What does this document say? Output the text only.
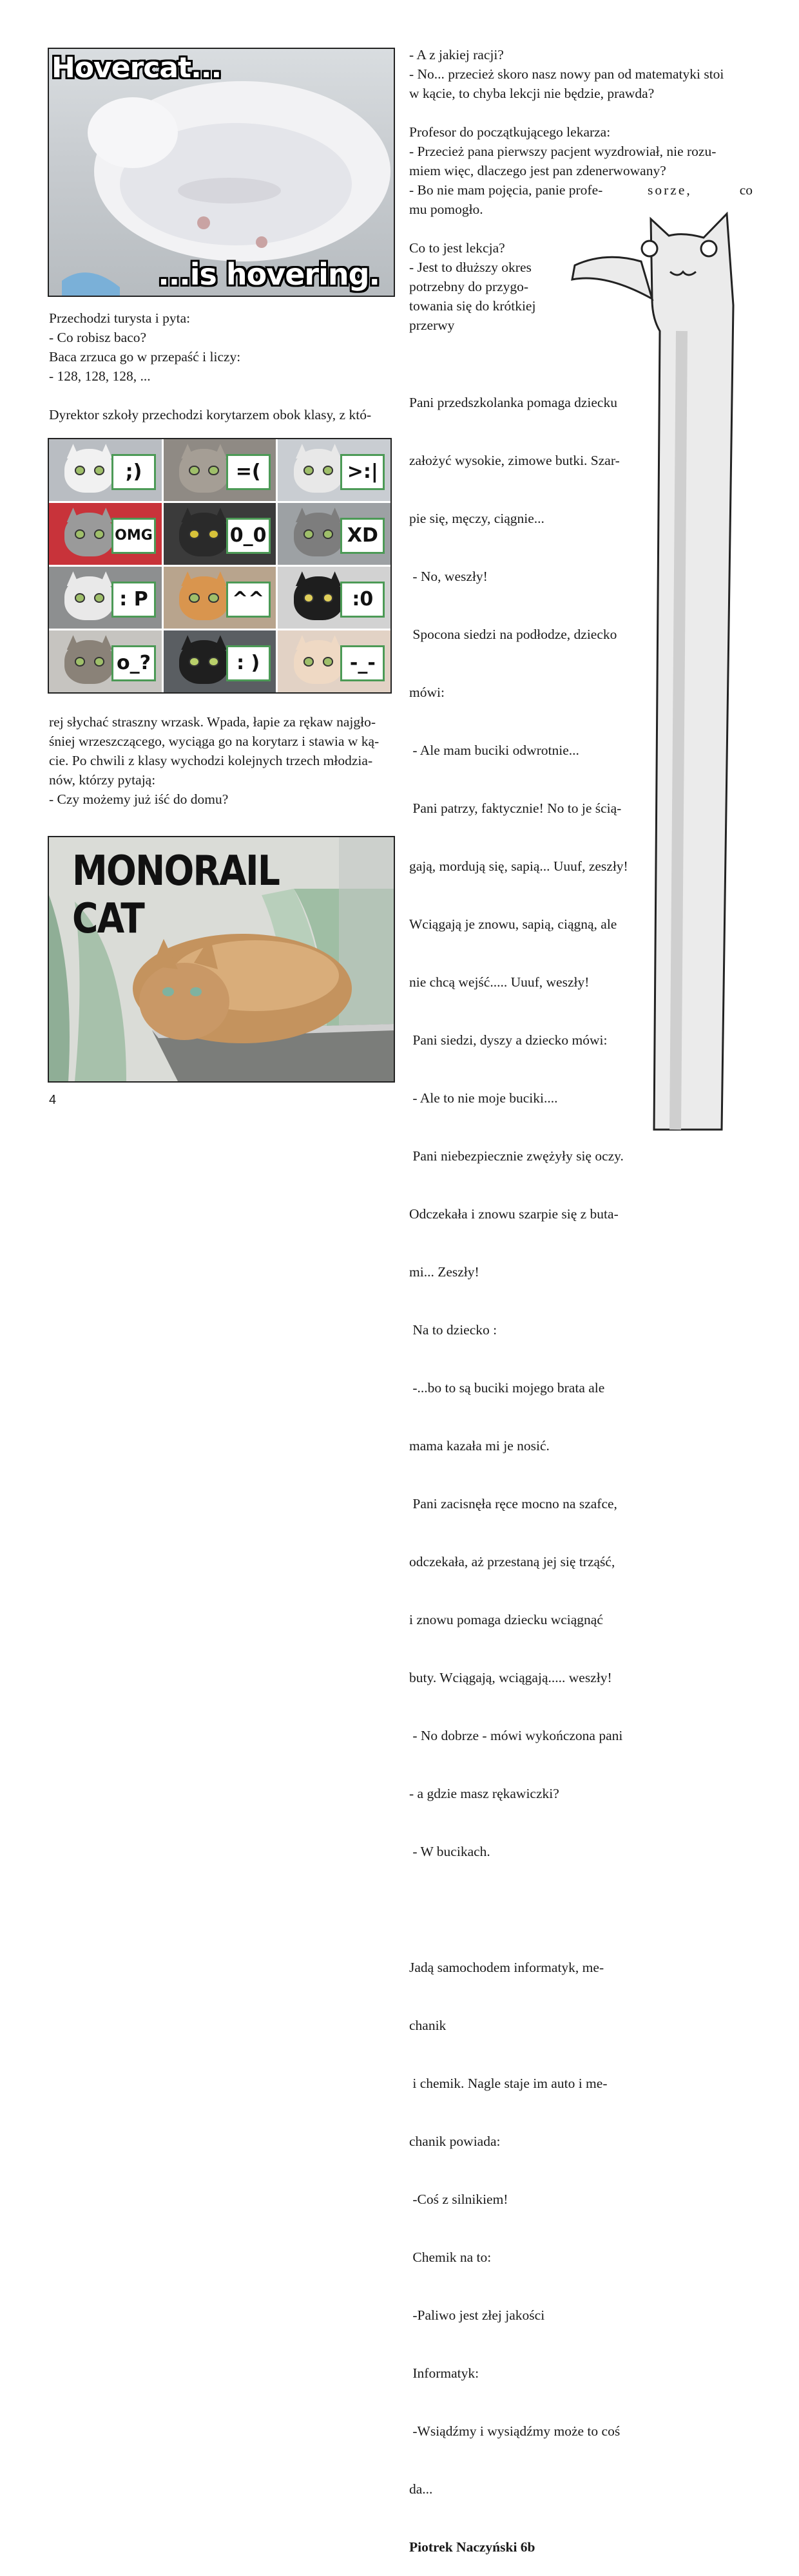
Hovercat...
...is hovering.

Przechodzi turysta i pyta:

- Co robisz baco?

Baca zrzuca go w przepaść i liczy:

- 128, 128, 128, ...

Dyrektor szkoły przechodzi korytarzem obok klasy, z któ-

;)	=(	>:|
OMG	0_0	XD
: P	^^	:0
o_?	: )	-_-

rej słychać straszny wrzask. Wpada, łapie za rękaw najgło-

śniej wrzeszczącego, wyciąga go na korytarz i stawia w ką-

cie. Po chwili z klasy wychodzi kolejnych trzech młodzia-

nów, którzy pytają:

- Czy możemy już iść do domu?

MONORAIL CAT

- A z jakiej racji?

- No... przecież skoro nasz nowy pan od matematyki stoi

w kącie, to chyba lekcji nie będzie, prawda?

Profesor do początkującego lekarza:

- Przecież pana pierwszy pacjent wyzdrowiał, nie rozu-

miem więc, dlaczego jest pan zdenerwowany?

- Bo nie mam pojęcia, panie profe-	sorze,	co

mu pomogło.

Co to jest lekcja?

- Jest to dłuższy okres

potrzebny do przygo-

towania się do krótkiej

przerwy

Pani przedszkolanka pomaga dziecku

założyć wysokie, zimowe butki. Szar-

pie się, męczy, ciągnie...

- No, weszły!

Spocona siedzi na podłodze, dziecko

mówi:

- Ale mam buciki odwrotnie...

Pani patrzy, faktycznie! No to je ścią-

gają, mordują się, sapią... Uuuf, zeszły!

Wciągają je znowu, sapią, ciągną, ale

nie chcą wejść..... Uuuf, weszły!

Pani siedzi, dyszy a dziecko mówi:

- Ale to nie moje buciki....

Pani niebezpiecznie zwężyły się oczy.

Odczekała i znowu szarpie się z buta-

mi... Zeszły!

Na to dziecko :

-...bo to są buciki mojego brata ale

mama kazała mi je nosić.

Pani zacisnęła ręce mocno na szafce,

odczekała, aż przestaną jej się trząść,

i znowu pomaga dziecku wciągnąć

buty. Wciągają, wciągają..... weszły!

- No dobrze - mówi wykończona pani

- a gdzie masz rękawiczki?

- W bucikach.

Jadą samochodem informatyk, me-

chanik

i chemik. Nagle staje im auto i me-

chanik powiada:

-Coś z silnikiem!

Chemik na to:

-Paliwo jest złej jakości

Informatyk:

-Wsiądźmy i wysiądźmy może to coś

da...

Piotrek Naczyński 6b

4
